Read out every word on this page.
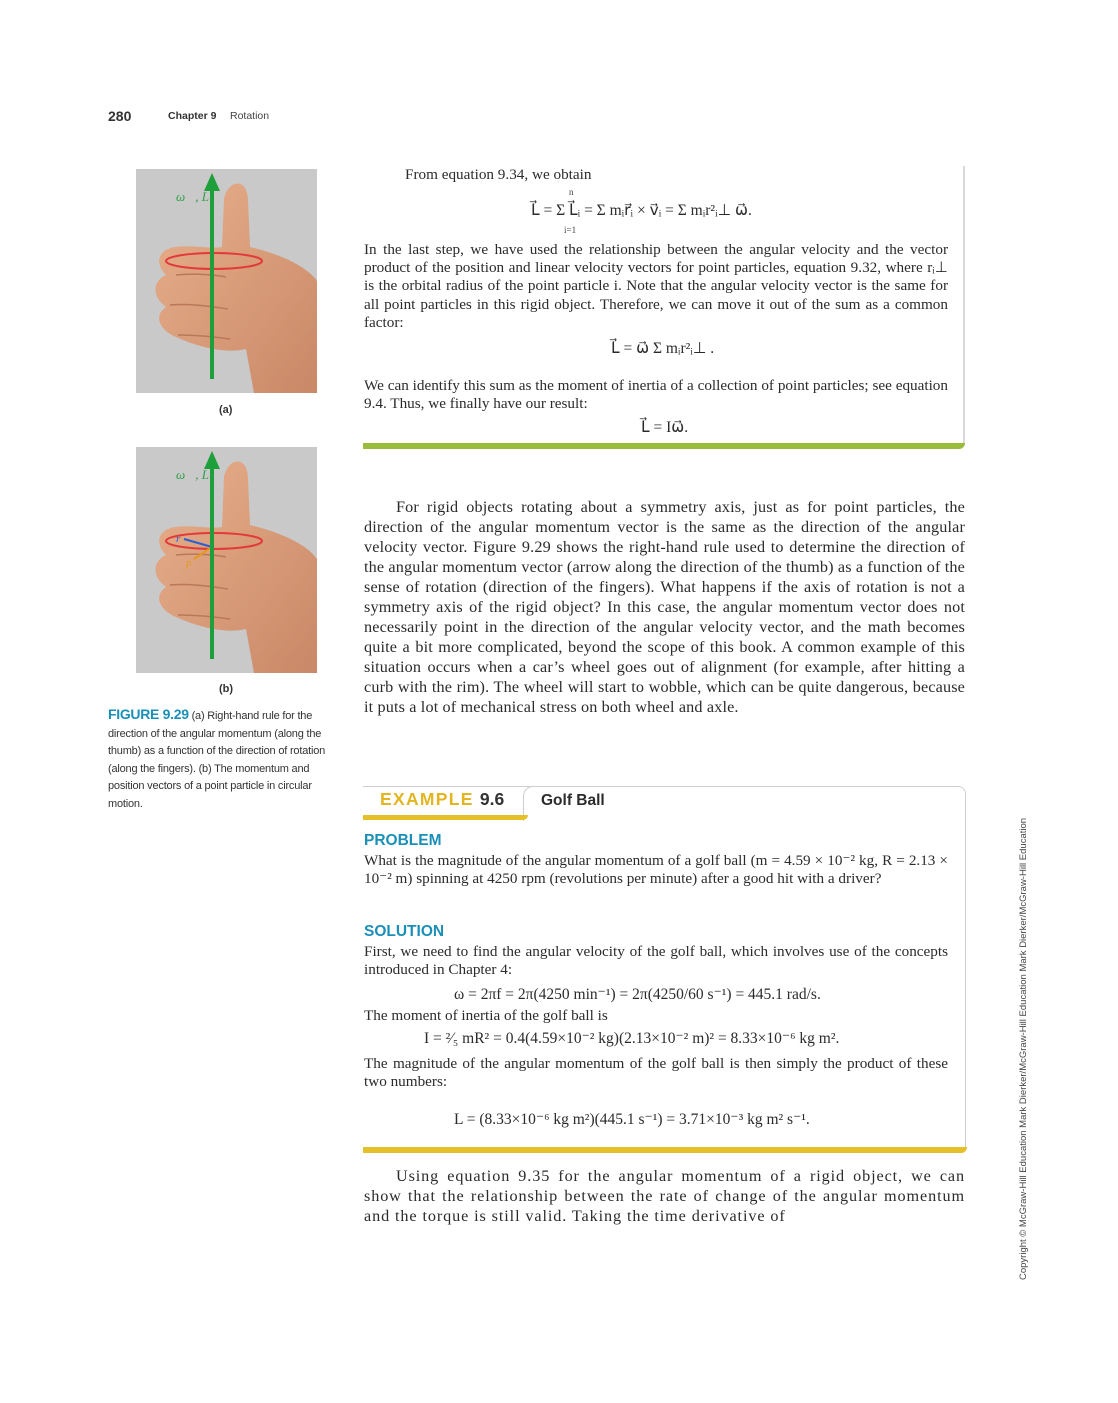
280	Chapter 9 Rotation
ω⃗, L⃗
(a)
ω⃗, L⃗
r⃗
p⃗
(b)
FIGURE 9.29 (a) Right-hand rule for the direction of the angular momentum (along the thumb) as a function of the direction of rotation (along the fingers). (b) The momentum and position vectors of a point particle in circular motion.
From equation 9.34, we obtain
L⃗ = Σ L⃗ᵢ = Σ mᵢr⃗ᵢ × v⃗ᵢ = Σ mᵢr²ᵢ⊥ ω⃗.
n
i=1
In the last step, we have used the relationship between the angular velocity and the vector product of the position and linear velocity vectors for point particles, equation 9.32, where rᵢ⊥ is the orbital radius of the point particle i. Note that the angular velocity vector is the same for all point particles in this rigid object. Therefore, we can move it out of the sum as a common factor:
L⃗ = ω⃗ Σ mᵢr²ᵢ⊥ .
We can identify this sum as the moment of inertia of a collection of point particles; see equation 9.4. Thus, we finally have our result:
L⃗ = Iω⃗.
For rigid objects rotating about a symmetry axis, just as for point particles, the direction of the angular momentum vector is the same as the direction of the angular velocity vector. Figure 9.29 shows the right-hand rule used to determine the direction of the angular momentum vector (arrow along the direction of the thumb) as a function of the sense of rotation (direction of the fingers). What happens if the axis of rotation is not a symmetry axis of the rigid object? In this case, the angular momentum vector does not necessarily point in the direction of the angular velocity vector, and the math becomes quite a bit more complicated, beyond the scope of this book. A common example of this situation occurs when a car’s wheel goes out of alignment (for example, after hitting a curb with the rim). The wheel will start to wobble, which can be quite dangerous, because it puts a lot of mechanical stress on both wheel and axle.
EXAMPLE 9.6 Golf Ball
PROBLEM
What is the magnitude of the angular momentum of a golf ball (m = 4.59 × 10⁻² kg, R = 2.13 × 10⁻² m) spinning at 4250 rpm (revolutions per minute) after a good hit with a driver?
SOLUTION
First, we need to find the angular velocity of the golf ball, which involves use of the concepts introduced in Chapter 4:
ω = 2πf = 2π(4250 min⁻¹) = 2π(4250/60 s⁻¹) = 445.1 rad/s.
The moment of inertia of the golf ball is
I = ²⁄₅ mR² = 0.4(4.59×10⁻² kg)(2.13×10⁻² m)² = 8.33×10⁻⁶ kg m².
The magnitude of the angular momentum of the golf ball is then simply the product of these two numbers:
L = (8.33×10⁻⁶ kg m²)(445.1 s⁻¹) = 3.71×10⁻³ kg m² s⁻¹.
Using equation 9.35 for the angular momentum of a rigid object, we can show that the relationship between the rate of change of the angular momentum and the torque is still valid. Taking the time derivative of	Copyright © McGraw-Hill Education Mark Dierker/McGraw-Hill Education Mark Dierker/McGraw-Hill Education
